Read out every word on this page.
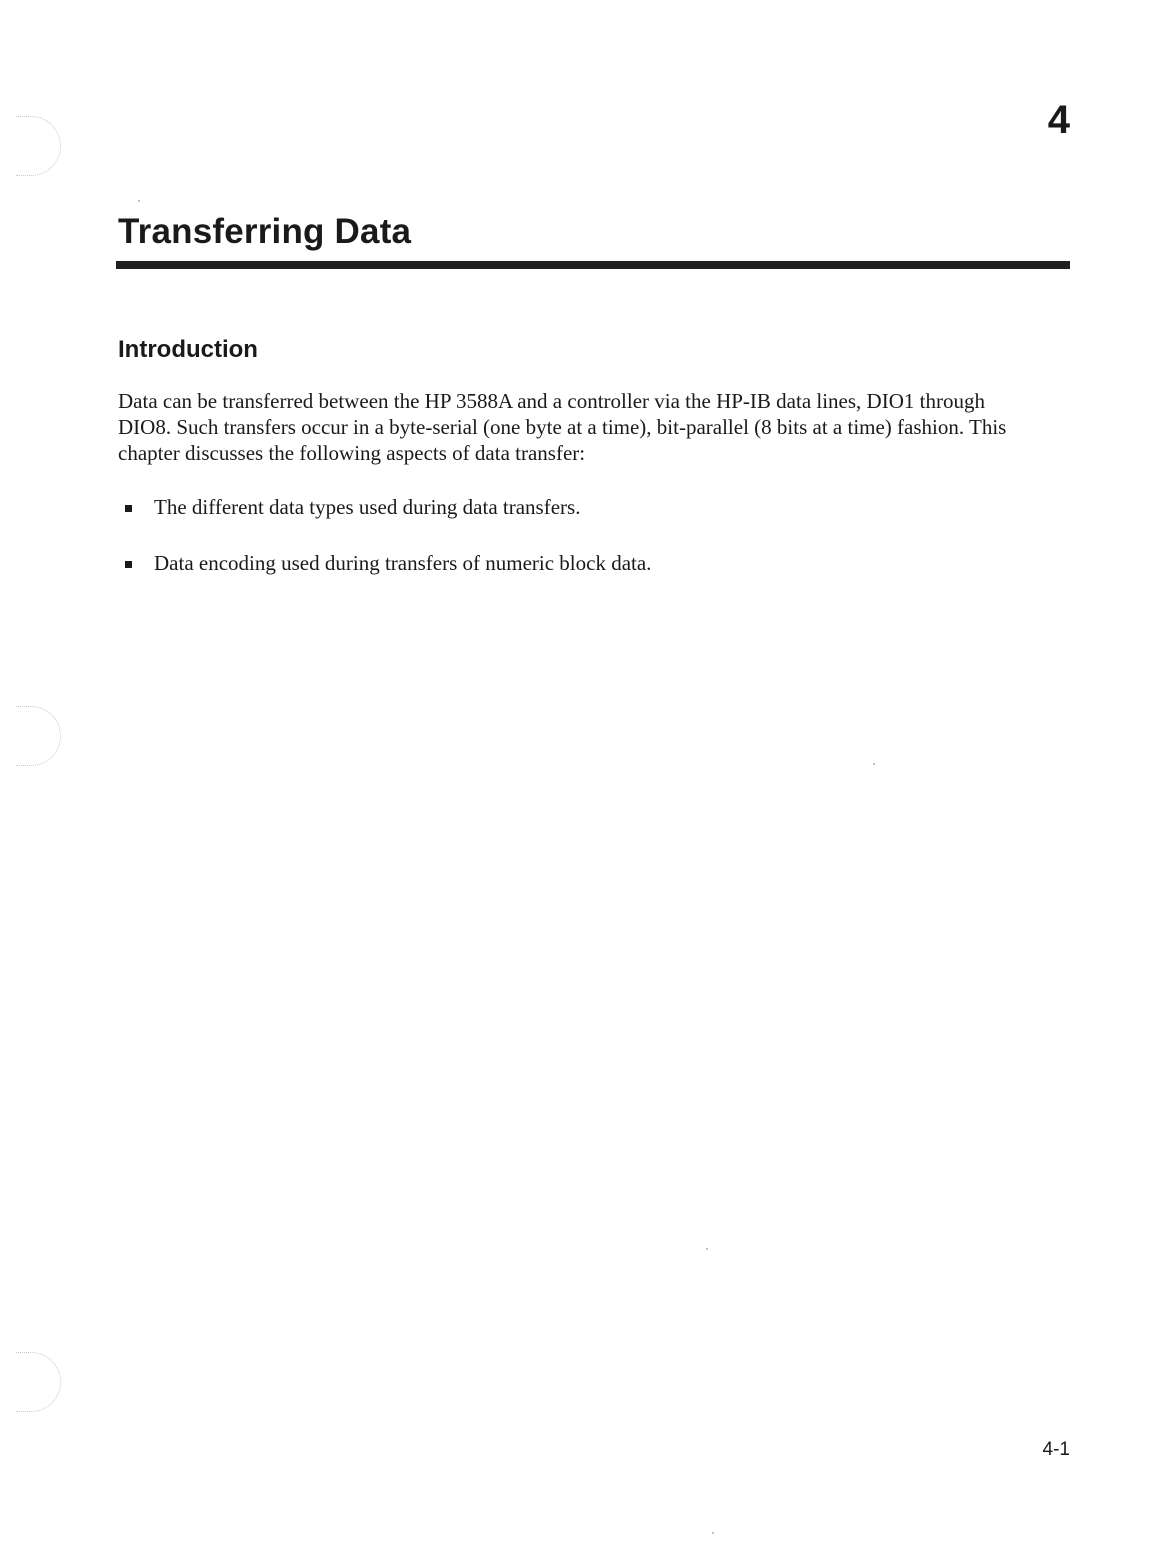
4
Transferring Data
Introduction

Data can be transferred between the HP 3588A and a controller via the HP-IB data lines, DIO1 through DIO8. Such transfers occur in a byte-serial (one byte at a time), bit-parallel (8 bits at a time) fashion. This chapter discusses the following aspects of data transfer:

The different data types used during data transfers.
Data encoding used during transfers of numeric block data.
4-1
